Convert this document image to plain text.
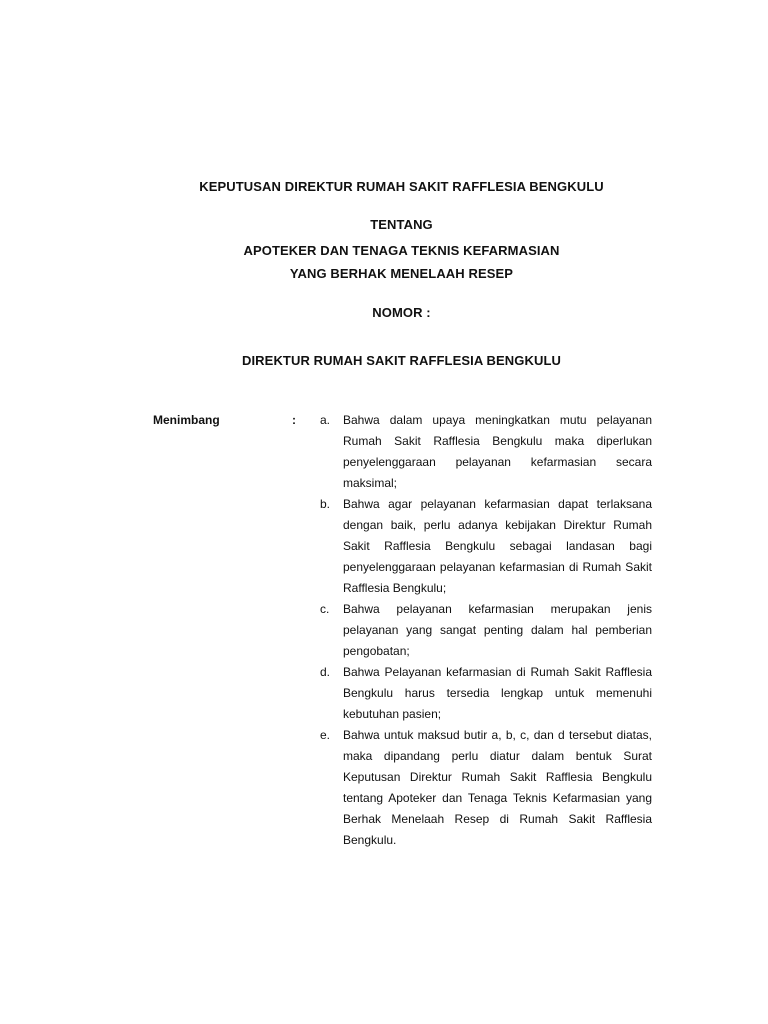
KEPUTUSAN DIREKTUR RUMAH SAKIT RAFFLESIA BENGKULU
TENTANG
APOTEKER DAN TENAGA TEKNIS KEFARMASIAN
YANG BERHAK MENELAAH RESEP
NOMOR :
DIREKTUR RUMAH SAKIT RAFFLESIA BENGKULU
Menimbang	: a.	Bahwa dalam upaya meningkatkan mutu pelayanan Rumah Sakit Rafflesia Bengkulu maka diperlukan penyelenggaraan pelayanan kefarmasian secara maksimal;
b.	Bahwa agar pelayanan kefarmasian dapat terlaksana dengan baik, perlu adanya kebijakan Direktur Rumah Sakit Rafflesia Bengkulu sebagai landasan bagi penyelenggaraan pelayanan kefarmasian di Rumah Sakit Rafflesia Bengkulu;
c.	Bahwa pelayanan kefarmasian merupakan jenis pelayanan yang sangat penting dalam hal pemberian pengobatan;
d.	Bahwa Pelayanan kefarmasian di Rumah Sakit Rafflesia Bengkulu harus tersedia lengkap untuk memenuhi kebutuhan pasien;
e.	Bahwa untuk maksud butir a, b, c, dan d tersebut diatas, maka dipandang perlu diatur dalam bentuk Surat Keputusan Direktur Rumah Sakit Rafflesia Bengkulu tentang Apoteker dan Tenaga Teknis Kefarmasian yang Berhak Menelaah Resep di Rumah Sakit Rafflesia Bengkulu.
